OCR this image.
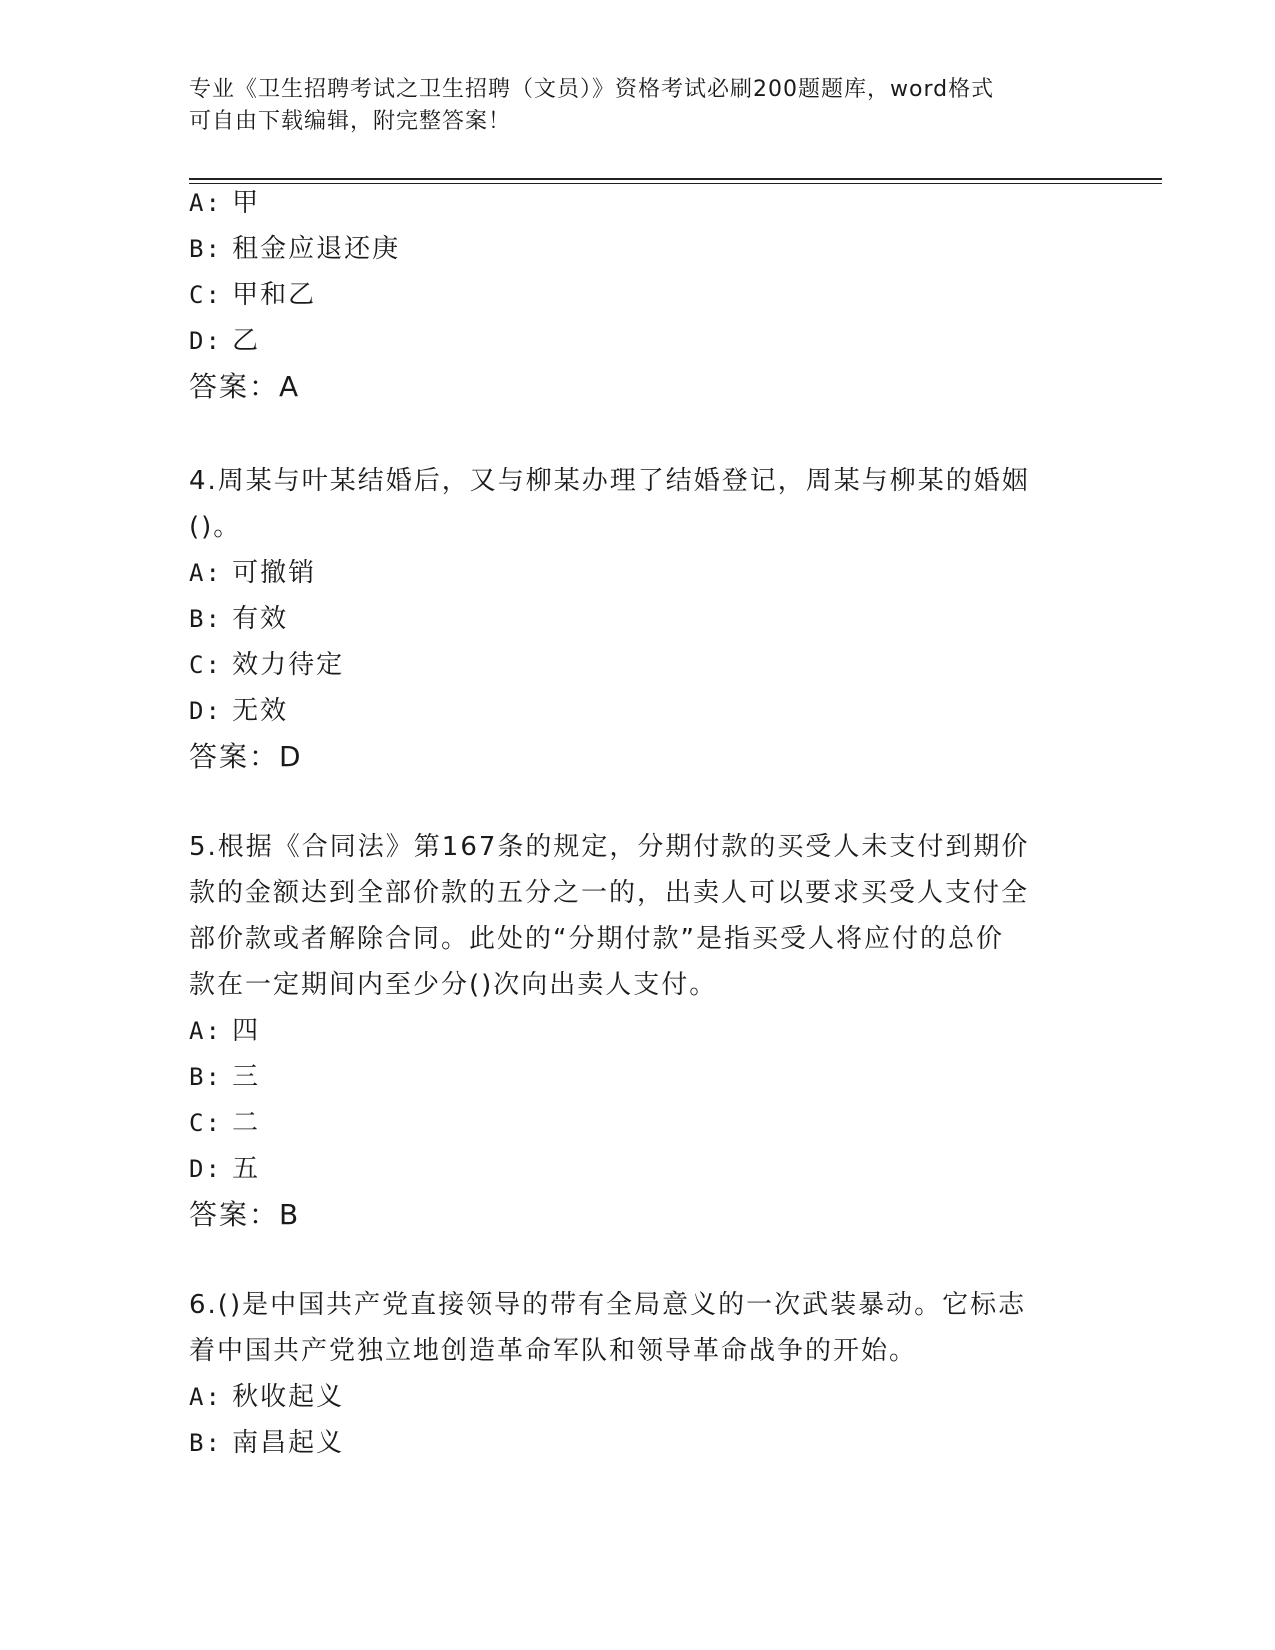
专业《卫生招聘考试之卫生招聘（文员）》资格考试必刷200题题库，word格式
可自由下载编辑，附完整答案！
A: 甲
B: 租金应退还庚
C: 甲和乙
D: 乙
答案：A
4.周某与叶某结婚后，又与柳某办理了结婚登记，周某与柳某的婚姻
()。
A: 可撤销
B: 有效
C: 效力待定
D: 无效
答案：D
5.根据《合同法》第167条的规定，分期付款的买受人未支付到期价
款的金额达到全部价款的五分之一的，出卖人可以要求买受人支付全
部价款或者解除合同。此处的“分期付款”是指买受人将应付的总价
款在一定期间内至少分()次向出卖人支付。
A: 四
B: 三
C: 二
D: 五
答案：B
6.()是中国共产党直接领导的带有全局意义的一次武装暴动。它标志
着中国共产党独立地创造革命军队和领导革命战争的开始。
A: 秋收起义
B: 南昌起义
